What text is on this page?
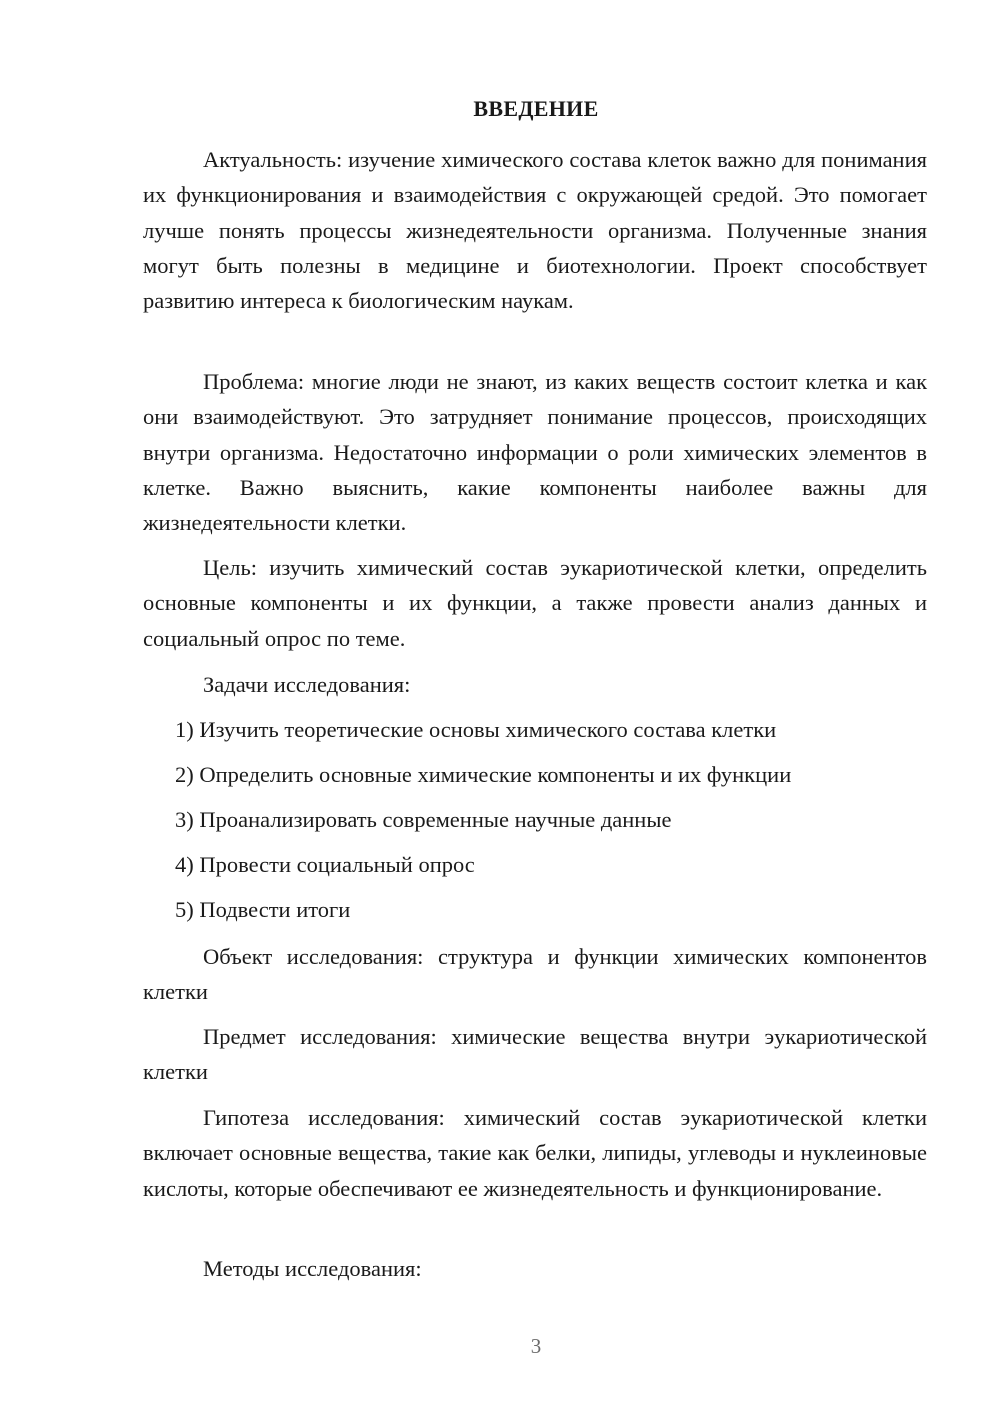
ВВЕДЕНИЕ

Актуальность: изучение химического состава клеток важно для понимания их функционирования и взаимодействия с окружающей средой. Это помогает лучше понять процессы жизнедеятельности организма. Полученные знания могут быть полезны в медицине и биотехнологии. Проект способствует развитию интереса к биологическим наукам.

Проблема: многие люди не знают, из каких веществ состоит клетка и как они взаимодействуют. Это затрудняет понимание процессов, происходящих внутри организма. Недостаточно информации о роли химических элементов в клетке. Важно выяснить, какие компоненты наиболее важны для жизнедеятельности клетки.

Цель: изучить химический состав эукариотической клетки, определить основные компоненты и их функции, а также провести анализ данных и социальный опрос по теме.

Задачи исследования:
1) Изучить теоретические основы химического состава клетки
2) Определить основные химические компоненты и их функции
3) Проанализировать современные научные данные
4) Провести социальный опрос
5) Подвести итоги

Объект исследования: структура и функции химических компонентов клетки

Предмет исследования: химические вещества внутри эукариотической клетки

Гипотеза исследования: химический состав эукариотической клетки включает основные вещества, такие как белки, липиды, углеводы и нуклеиновые кислоты, которые обеспечивают ее жизнедеятельность и функционирование.

Методы исследования:
3
